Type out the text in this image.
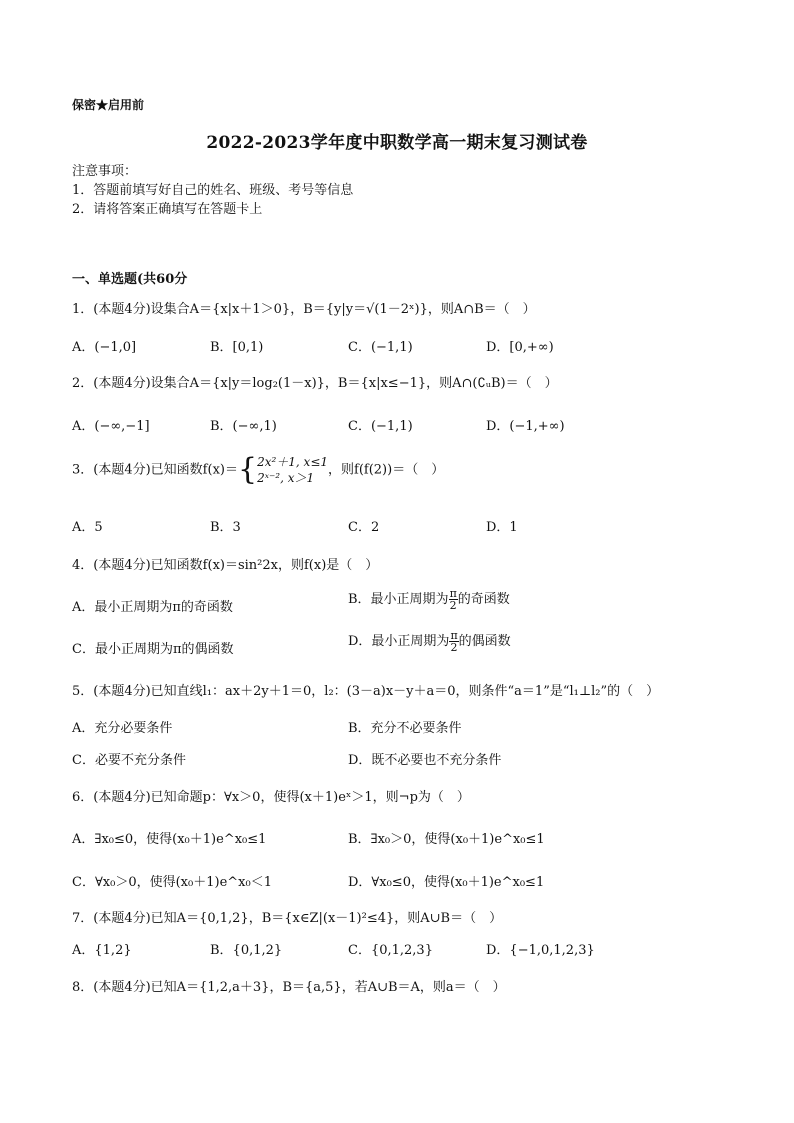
保密★启用前
2022-2023学年度中职数学高一期末复习测试卷
注意事项：
1．答题前填写好自己的姓名、班级、考号等信息
2．请将答案正确填写在答题卡上
一、单选题(共60分
1．(本题4分)设集合A＝{x|x＋1＞0}，B＝{y|y＝√(1－2ˣ)}，则A∩B＝（　）
A．(−1,0]	B．[0,1)	C．(−1,1)	D．[0,+∞)
2．(本题4分)设集合A＝{x|y＝log₂(1－x)}，B＝{x|x≤−1}，则A∩(∁ᵤB)＝（　）
A．(−∞,−1]	B．(−∞,1)	C．(−1,1)	D．(−1,+∞)
3．(本题4分)已知函数f(x)＝{ 2x²＋1, x≤1
2ˣ⁻², x＞1
，则f(f(2))＝（　）
A．5	B．3	C．2	D．1
4．(本题4分)已知函数f(x)＝sin²2x，则f(x)是（　）
A．最小正周期为π的奇函数
B．最小正周期为 $\frac{\pi}{2}$ 的奇函数
C．最小正周期为π的偶函数
D．最小正周期为 $\frac{\pi}{2}$ 的偶函数
5．(本题4分)已知直线l₁：ax＋2y＋1＝0，l₂：(3－a)x－y＋a＝0，则条件“a＝1”是“l₁⊥l₂”的（　）
A．充分必要条件	B．充分不必要条件
C．必要不充分条件	D．既不必要也不充分条件
6．(本题4分)已知命题p：∀x＞0，使得(x＋1)eˣ＞1，则¬p为（　）
A．∃x₀≤0，使得(x₀＋1)e^x₀≤1	B．∃x₀＞0，使得(x₀＋1)e^x₀≤1
C．∀x₀＞0，使得(x₀＋1)e^x₀＜1	D．∀x₀≤0，使得(x₀＋1)e^x₀≤1
7．(本题4分)已知A＝{0,1,2}，B＝{x∈Z|(x－1)²≤4}，则A∪B＝（　）
A．{1,2}	B．{0,1,2}	C．{0,1,2,3}	D．{−1,0,1,2,3}
8．(本题4分)已知A＝{1,2,a＋3}，B＝{a,5}，若A∪B＝A，则a＝（　）
